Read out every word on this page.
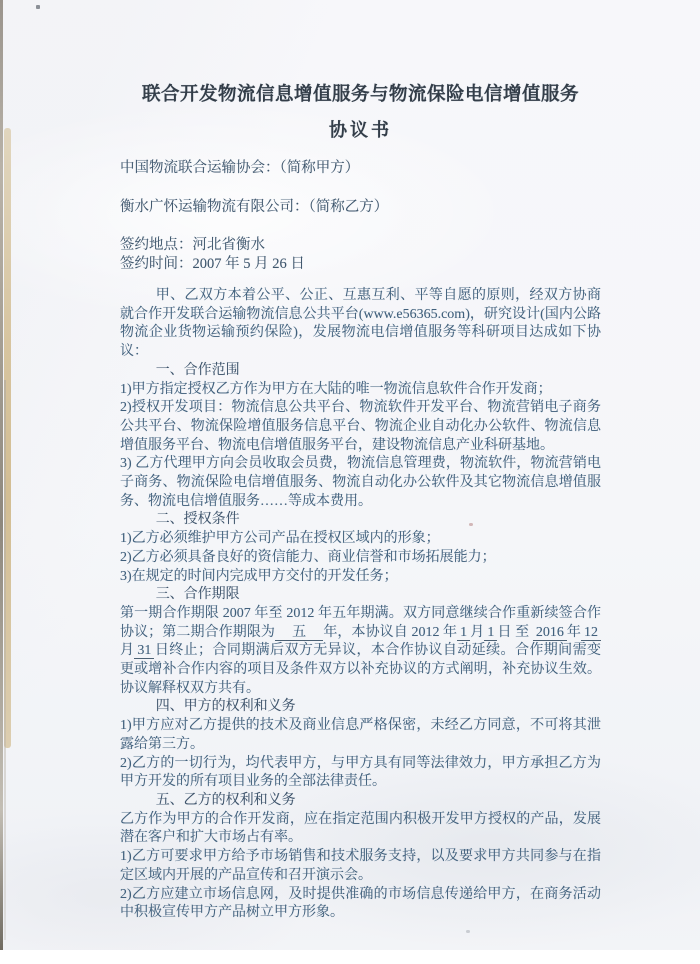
联合开发物流信息增值服务与物流保险电信增值服务
协议书

中国物流联合运输协会：（简称甲方）

衡水广怀运输物流有限公司：（简称乙方）

签约地点：河北省衡水

签约时间：2007 年 5 月 26 日

甲、乙双方本着公平、公正、互惠互利、平等自愿的原则，经双方协商就合作开发联合运输物流信息公共平台(www.e56365.com)，研究设计(国内公路物流企业货物运输预约保险)，发展物流电信增值服务等科研项目达成如下协议：

一、合作范围

1)甲方指定授权乙方作为甲方在大陆的唯一物流信息软件合作开发商；

2)授权开发项目：物流信息公共平台、物流软件开发平台、物流营销电子商务公共平台、物流保险增值服务信息平台、物流企业自动化办公软件、物流信息增值服务平台、物流电信增值服务平台，建设物流信息产业科研基地。

3) 乙方代理甲方向会员收取会员费，物流信息管理费，物流软件，物流营销电子商务、物流保险电信增值服务、物流自动化办公软件及其它物流信息增值服务、物流电信增值服务……等成本费用。

二、授权条件

1)乙方必须维护甲方公司产品在授权区域内的形象；

2)乙方必须具备良好的资信能力、商业信誉和市场拓展能力；

3)在规定的时间内完成甲方交付的开发任务；

三、合作期限

第一期合作期限 2007 年至 2012 年五年期满。双方同意继续合作重新续签合作协议；第二期合作期限为　五　年，本协议自 2012 年 1 月 1 日 至 2016 年 12月 31 日终止；合同期满后双方无异议，本合作协议自动延续。合作期间需变更或增补合作内容的项目及条件双方以补充协议的方式阐明，补充协议生效。协议解释权双方共有。

四、甲方的权利和义务

1)甲方应对乙方提供的技术及商业信息严格保密，未经乙方同意，不可将其泄露给第三方。

2)乙方的一切行为，均代表甲方，与甲方具有同等法律效力，甲方承担乙方为甲方开发的所有项目业务的全部法律责任。

五、乙方的权利和义务

乙方作为甲方的合作开发商，应在指定范围内积极开发甲方授权的产品，发展潜在客户和扩大市场占有率。

1)乙方可要求甲方给予市场销售和技术服务支持，以及要求甲方共同参与在指定区域内开展的产品宣传和召开演示会。

2)乙方应建立市场信息网，及时提供准确的市场信息传递给甲方，在商务活动中积极宣传甲方产品树立甲方形象。
